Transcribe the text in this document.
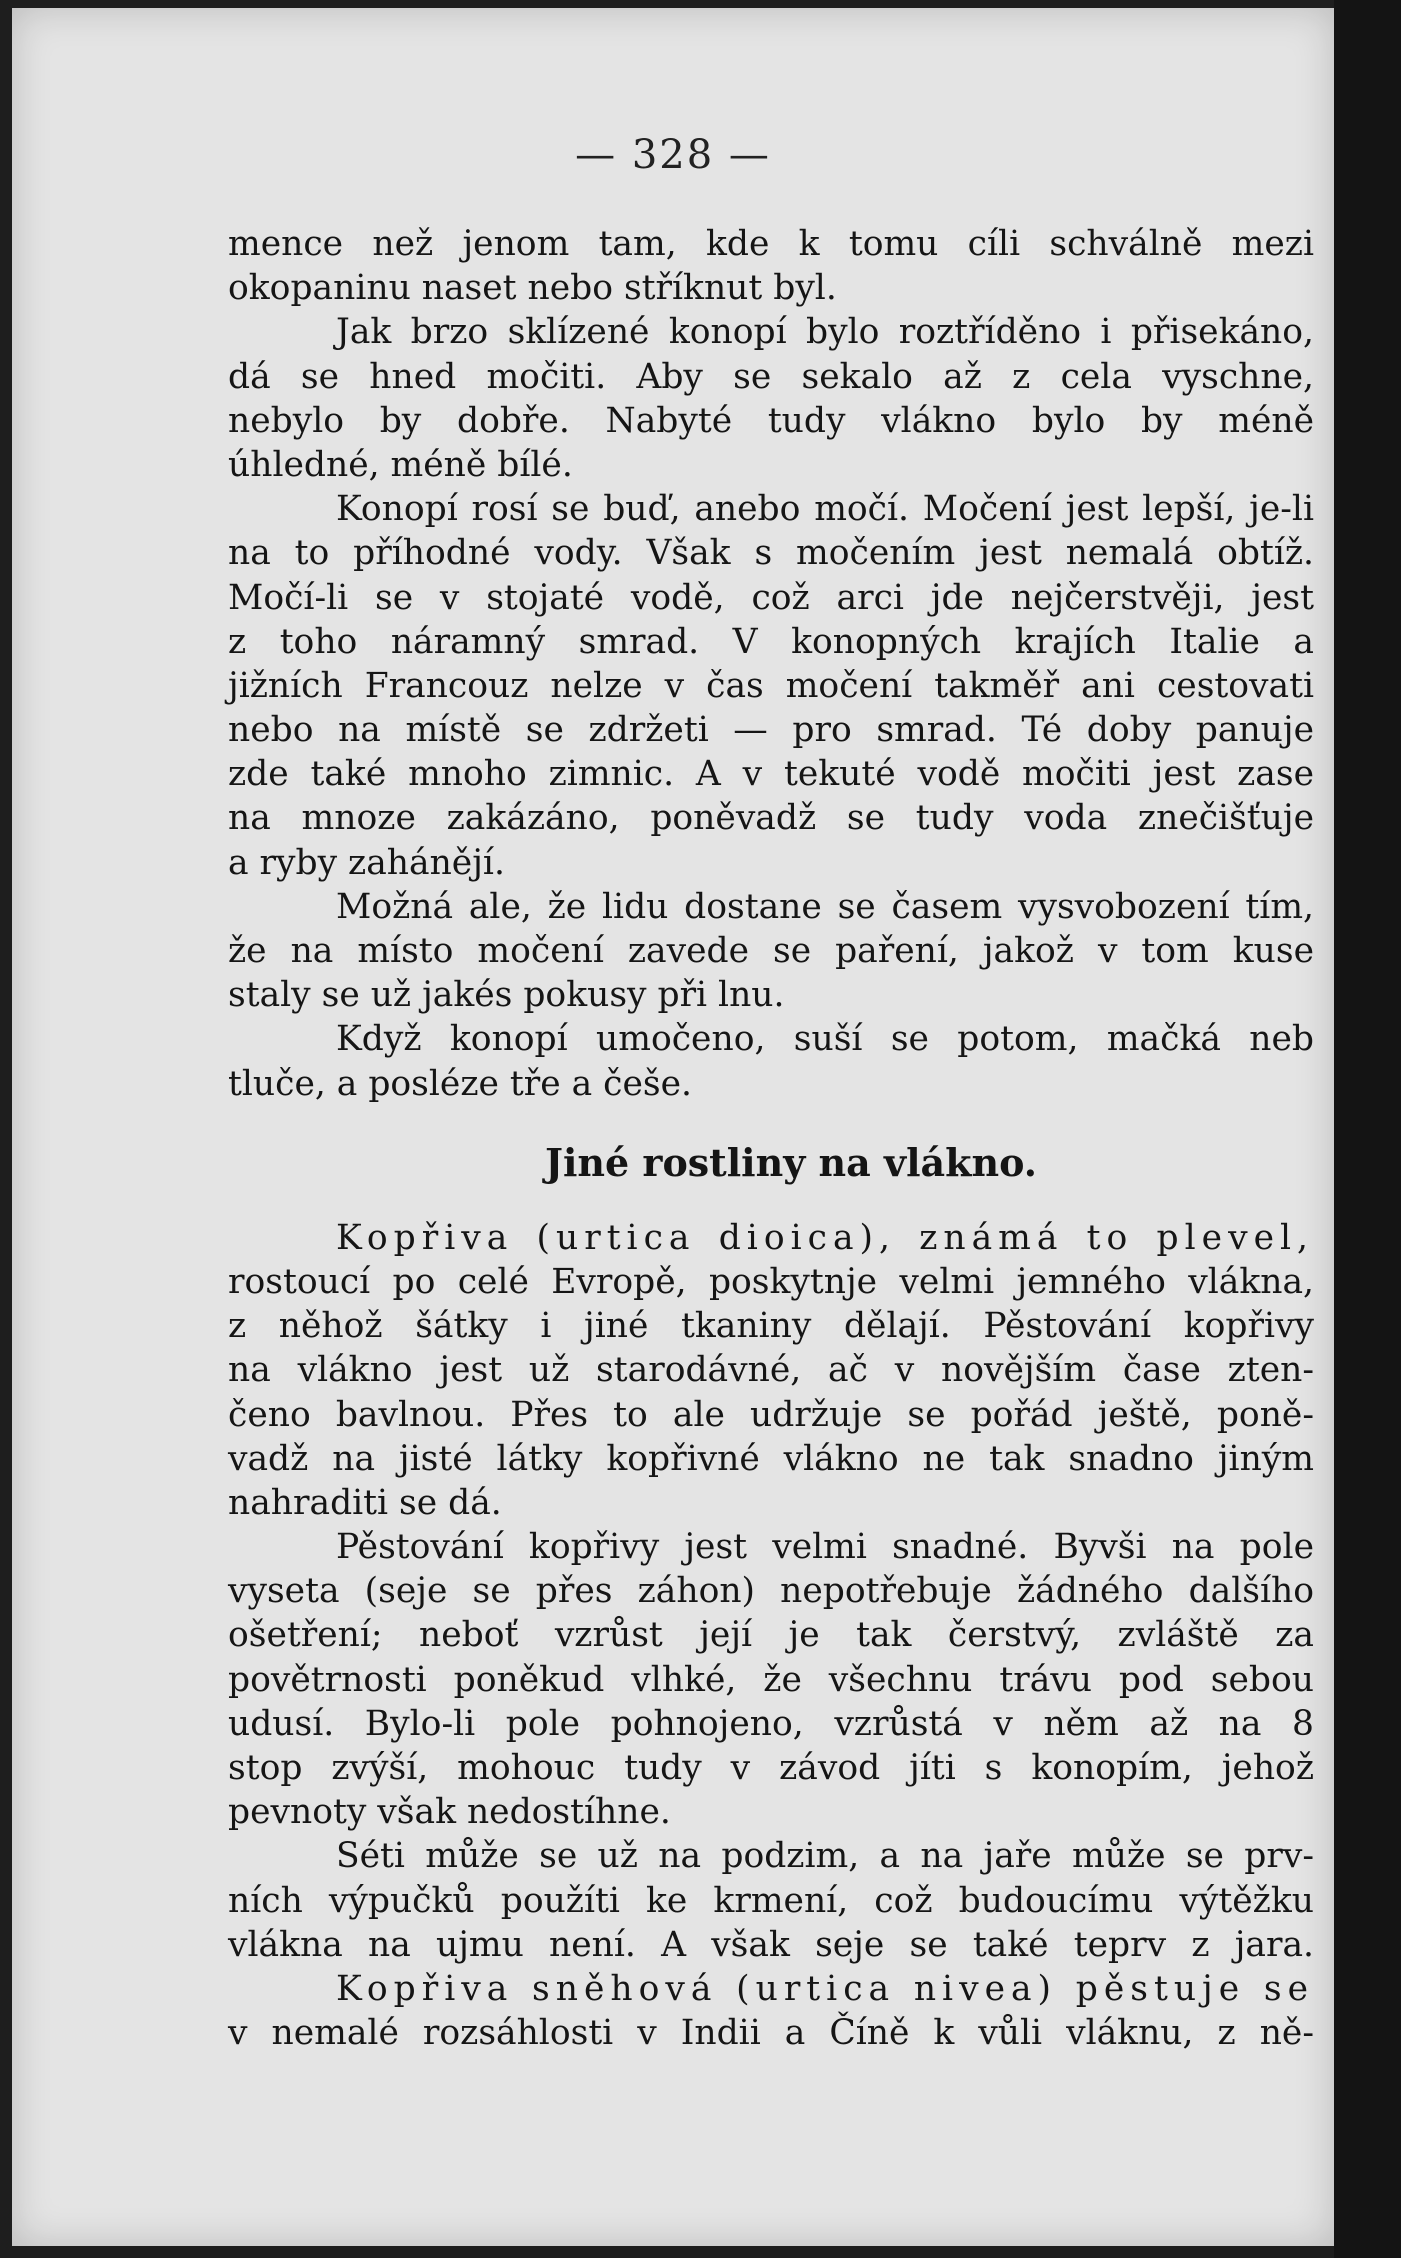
— 328 —
mence než jenom tam, kde k tomu cíli schválně mezi
okopaninu naset nebo stříknut byl.
Jak brzo sklízené konopí bylo roztříděno i přisekáno,
dá se hned močiti. Aby se sekalo až z cela vyschne,
nebylo by dobře. Nabyté tudy vlákno bylo by méně
úhledné, méně bílé.
Konopí rosí se buď, anebo močí. Močení jest lepší, je-li
na to příhodné vody. Však s močením jest nemalá obtíž.
Močí-li se v stojaté vodě, což arci jde nejčerstvěji, jest
z toho náramný smrad. V konopných krajích Italie a
jižních Francouz nelze v čas močení takměř ani cestovati
nebo na místě se zdržeti — pro smrad. Té doby panuje
zde také mnoho zimnic. A v tekuté vodě močiti jest zase
na mnoze zakázáno, poněvadž se tudy voda znečišťuje
a ryby zahánějí.
Možná ale, že lidu dostane se časem vysvobození tím,
že na místo močení zavede se paření, jakož v tom kuse
staly se už jakés pokusy při lnu.
Když konopí umočeno, suší se potom, mačká neb
tluče, a posléze tře a češe.
Jiné rostliny na vlákno.
Kopřiva (urtica dioica), známá to plevel,
rostoucí po celé Evropě, poskytnje velmi jemného vlákna,
z něhož šátky i jiné tkaniny dělají. Pěstování kopřivy
na vlákno jest už starodávné, ač v novějším čase zten-
čeno bavlnou. Přes to ale udržuje se pořád ještě, poně-
vadž na jisté látky kopřivné vlákno ne tak snadno jiným
nahraditi se dá.
Pěstování kopřivy jest velmi snadné. Byvši na pole
vyseta (seje se přes záhon) nepotřebuje žádného dalšího
ošetření; neboť vzrůst její je tak čerstvý, zvláště za
povětrnosti poněkud vlhké, že všechnu trávu pod sebou
udusí. Bylo-li pole pohnojeno, vzrůstá v něm až na 8
stop zvýší, mohouc tudy v závod jíti s konopím, jehož
pevnoty však nedostíhne.
Séti může se už na podzim, a na jaře může se prv-
ních výpučků použíti ke krmení, což budoucímu výtěžku
vlákna na ujmu není. A však seje se také teprv z jara.
Kopřiva sněhová (urtica nivea) pěstuje se
v nemalé rozsáhlosti v Indii a Číně k vůli vláknu, z ně-
